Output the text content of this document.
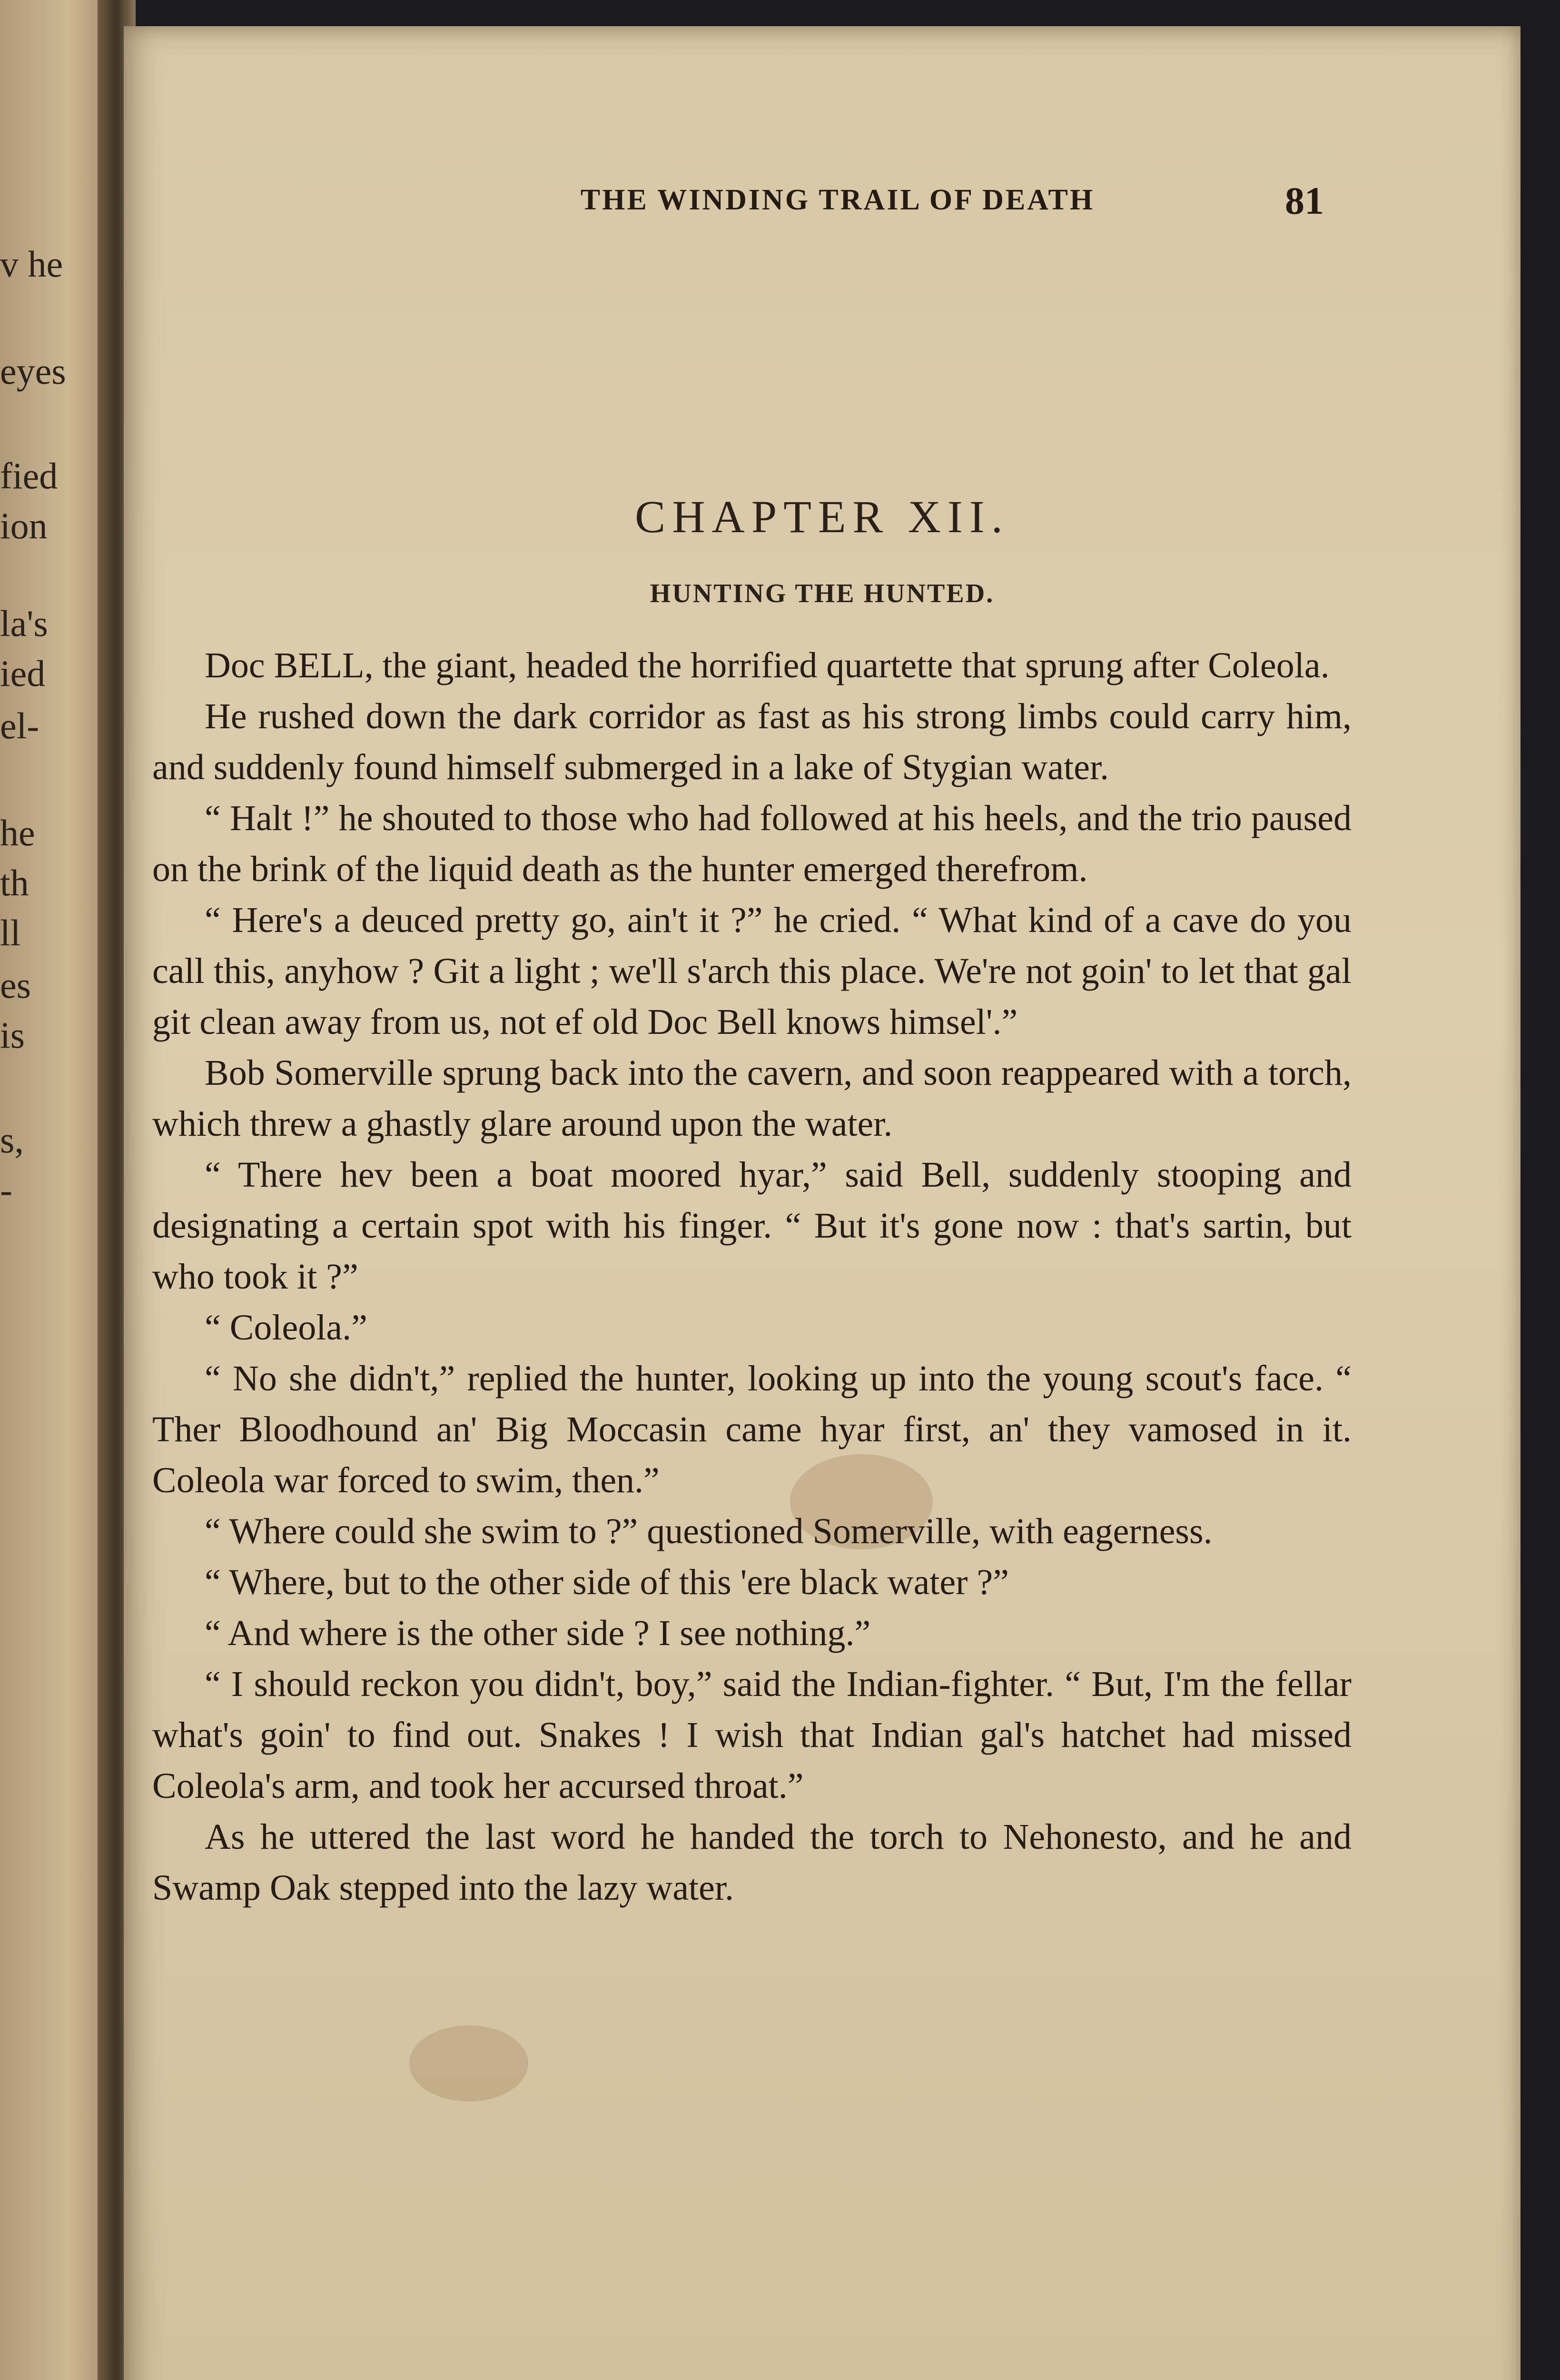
v he
eyes
fied
ion
la's
ied
el-
he
th
ll
es
is
s,
-
THE WINDING TRAIL OF DEATH	81
CHAPTER XII.
HUNTING THE HUNTED.

Doc BELL, the giant, headed the horrified quartette that sprung after Coleola.

He rushed down the dark corridor as fast as his strong limbs could carry him, and suddenly found himself submerged in a lake of Stygian water.

“ Halt !” he shouted to those who had followed at his heels, and the trio paused on the brink of the liquid death as the hunter emerged therefrom.

“ Here's a deuced pretty go, ain't it ?” he cried. “ What kind of a cave do you call this, anyhow ? Git a light ; we'll s'arch this place. We're not goin' to let that gal git clean away from us, not ef old Doc Bell knows himsel'.”

Bob Somerville sprung back into the cavern, and soon reappeared with a torch, which threw a ghastly glare around upon the water.

“ There hev been a boat moored hyar,” said Bell, suddenly stooping and designating a certain spot with his finger. “ But it's gone now : that's sartin, but who took it ?”

“ Coleola.”

“ No she didn't,” replied the hunter, looking up into the young scout's face. “ Ther Bloodhound an' Big Moccasin came hyar first, an' they vamosed in it. Coleola war forced to swim, then.”

“ Where could she swim to ?” questioned Somerville, with eagerness.

“ Where, but to the other side of this 'ere black water ?”

“ And where is the other side ? I see nothing.”

“ I should reckon you didn't, boy,” said the Indian-fighter. “ But, I'm the fellar what's goin' to find out. Snakes ! I wish that Indian gal's hatchet had missed Coleola's arm, and took her accursed throat.”

As he uttered the last word he handed the torch to Nehonesto, and he and Swamp Oak stepped into the lazy water.
